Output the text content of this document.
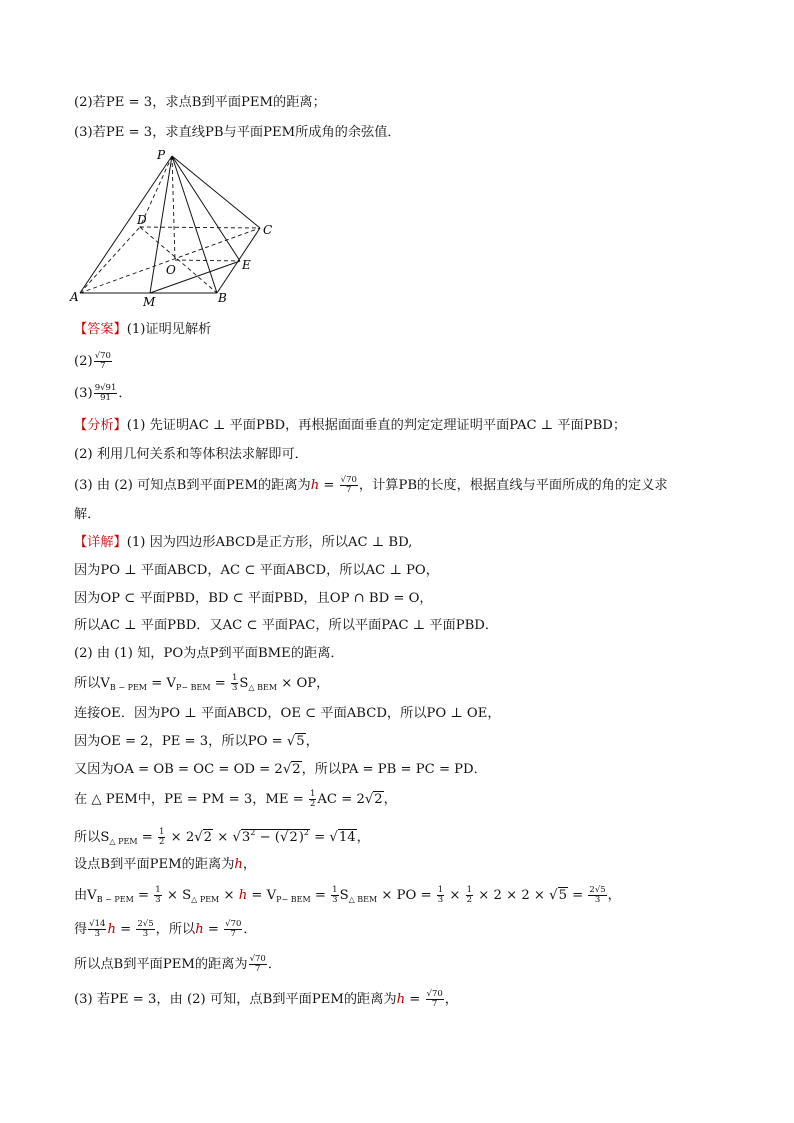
(2)若PE = 3，求点B到平面PEM的距离；
(3)若PE = 3，求直线PB与平面PEM所成角的余弦值．
P
D
C
O	E
A	M	B
【答案】(1)证明见解析
$(2) \frac{√70}{7}$
$(3) \frac{9√91}{91}$ ．
【分析】(1) 先证明AC ⊥ 平面PBD，再根据面面垂直的判定定理证明平面PAC ⊥ 平面PBD；
(2) 利用几何关系和等体积法求解即可．
(3) 由 (2) 可知点B到平面PEM的距离为$h = \frac{√70}{7}$ ，计算PB的长度，根据直线与平面所成的角的定义求
解．
【详解】(1) 因为四边形ABCD是正方形，所以AC ⊥ BD,
因为PO ⊥ 平面ABCD，AC ⊂ 平面ABCD，所以AC ⊥ PO，
因为OP ⊂ 平面PBD，BD ⊂ 平面PBD，且OP ∩ BD = O，
所以AC ⊥ 平面PBD．又AC ⊂ 平面PAC，所以平面PAC ⊥ 平面PBD．
(2) 由 (1) 知，PO为点P到平面BME的距离．
所以$V_{B - PEM} = V_{P- BEM} = \frac{1}{3} S_{\triangle BEM}$ × OP，
连接OE．因为PO ⊥ 平面ABCD，OE ⊂ 平面ABCD，所以PO ⊥ OE，
因为OE = 2，PE = 3，所以PO = √5，
又因为OA = OB = OC = OD = 2√2，所以PA = PB = PC = PD．
在 △ PEM中，PE = PM = 3，ME = $\frac{1}{2}$ AC = 2√2，
所以$S_{\triangle PEM} = \frac{1}{2} \times 2√2 \times √3^2 - (√2)^2 = √14$，
设点B到平面PEM的距离为h，
由$V_{B - PEM} = \frac{1}{3} \times S_{\triangle PEM} \times h = V_{P- BEM} = \frac{1}{3} S_{\triangle BEM}$ × PO = $\frac{1}{3} \times \frac{1}{2} \times 2 \times 2 \times √5 = \frac{2√5}{3}$ ，
得 $\frac{√14}{3}$ $h = \frac{2√5}{3}$ ，所以$h = \frac{√70}{7}$ ．
所以点B到平面PEM的距离为 $\frac{√70}{7}$ ．
(3) 若PE = 3，由 (2) 可知，点B到平面PEM的距离为$h = \frac{√70}{7}$ ，
